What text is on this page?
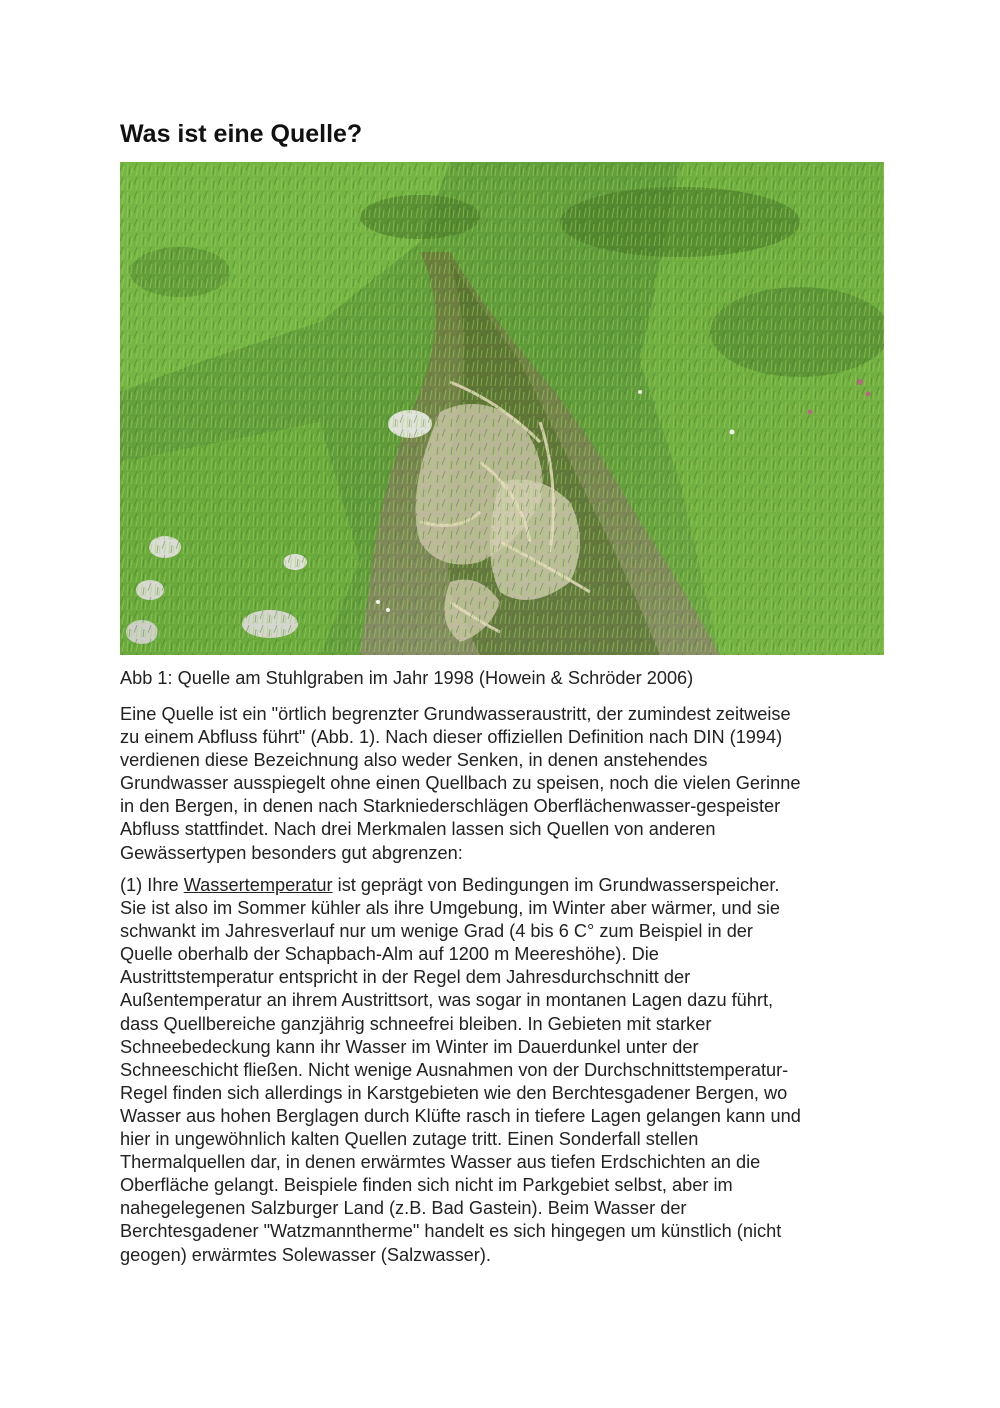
Was ist eine Quelle?

Abb 1: Quelle am Stuhlgraben im Jahr 1998 (Howein & Schröder 2006)

Eine Quelle ist ein "örtlich begrenzter Grundwasseraustritt, der zumindest zeitweise
zu einem Abfluss führt" (Abb. 1). Nach dieser offiziellen Definition nach DIN (1994)
verdienen diese Bezeichnung also weder Senken, in denen anstehendes
Grundwasser ausspiegelt ohne einen Quellbach zu speisen, noch die vielen Gerinne
in den Bergen, in denen nach Starkniederschlägen Oberflächenwasser-gespeister
Abfluss stattfindet. Nach drei Merkmalen lassen sich Quellen von anderen
Gewässertypen besonders gut abgrenzen:
(1) Ihre Wassertemperatur ist geprägt von Bedingungen im Grundwasserspeicher.
Sie ist also im Sommer kühler als ihre Umgebung, im Winter aber wärmer, und sie
schwankt im Jahresverlauf nur um wenige Grad (4 bis 6 C° zum Beispiel in der
Quelle oberhalb der Schapbach-Alm auf 1200 m Meereshöhe). Die
Austrittstemperatur entspricht in der Regel dem Jahresdurchschnitt der
Außentemperatur an ihrem Austrittsort, was sogar in montanen Lagen dazu führt,
dass Quellbereiche ganzjährig schneefrei bleiben. In Gebieten mit starker
Schneebedeckung kann ihr Wasser im Winter im Dauerdunkel unter der
Schneeschicht fließen. Nicht wenige Ausnahmen von der Durchschnittstemperatur-
Regel finden sich allerdings in Karstgebieten wie den Berchtesgadener Bergen, wo
Wasser aus hohen Berglagen durch Klüfte rasch in tiefere Lagen gelangen kann und
hier in ungewöhnlich kalten Quellen zutage tritt. Einen Sonderfall stellen
Thermalquellen dar, in denen erwärmtes Wasser aus tiefen Erdschichten an die
Oberfläche gelangt. Beispiele finden sich nicht im Parkgebiet selbst, aber im
nahegelegenen Salzburger Land (z.B. Bad Gastein). Beim Wasser der
Berchtesgadener "Watzmanntherme" handelt es sich hingegen um künstlich (nicht
geogen) erwärmtes Solewasser (Salzwasser).
